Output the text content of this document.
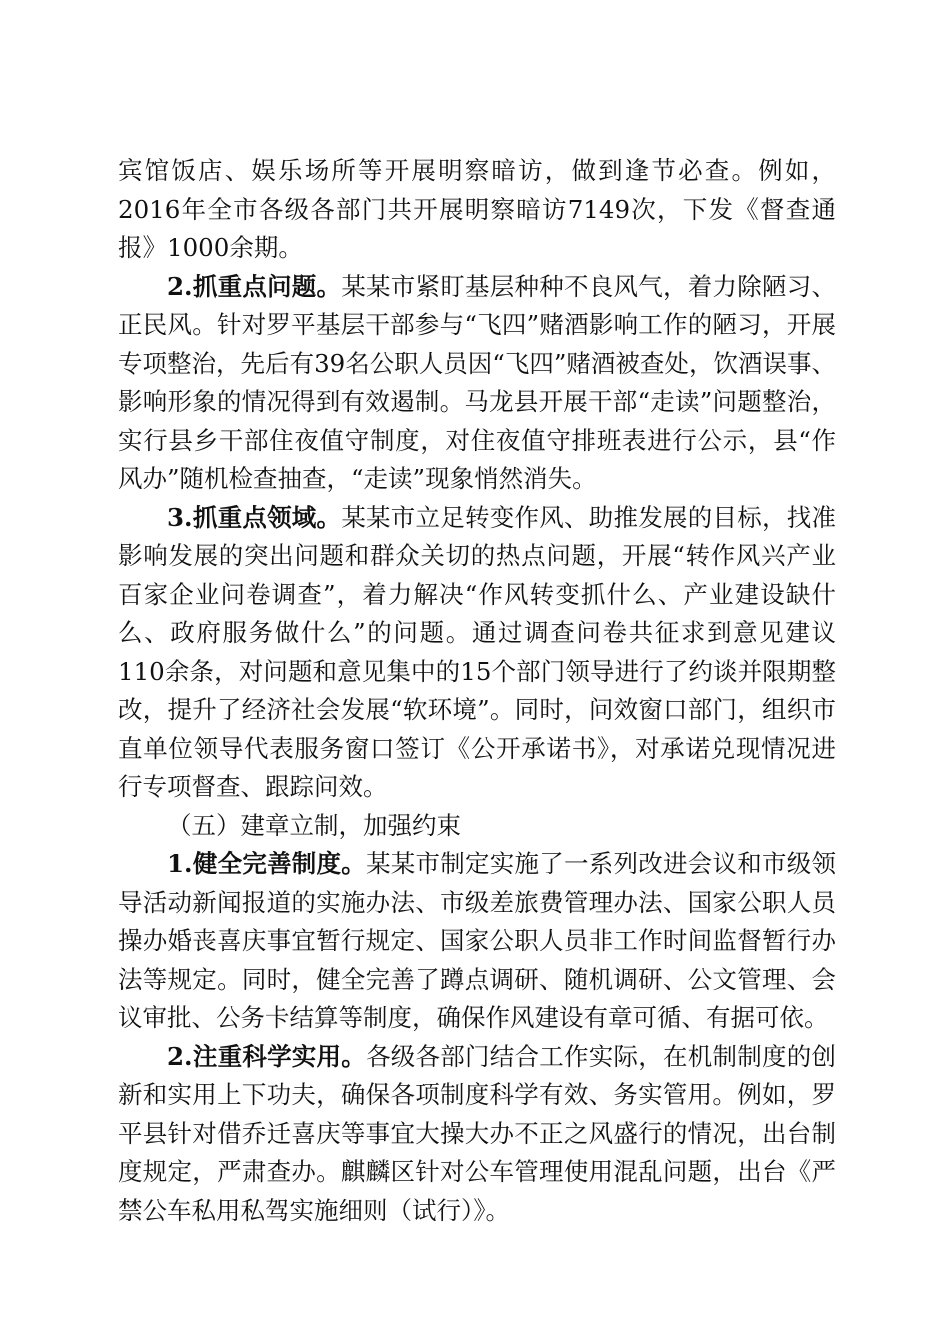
宾馆饭店、娱乐场所等开展明察暗访，做到逢节必查。例如，2016年全市各级各部门共开展明察暗访7149次，下发《督查通报》1000余期。

2.抓重点问题。某某市紧盯基层种种不良风气，着力除陋习、正民风。针对罗平基层干部参与“飞四”赌酒影响工作的陋习，开展专项整治，先后有39名公职人员因“飞四”赌酒被查处，饮酒误事、影响形象的情况得到有效遏制。马龙县开展干部“走读”问题整治，实行县乡干部住夜值守制度，对住夜值守排班表进行公示，县“作风办”随机检查抽查，“走读”现象悄然消失。

3.抓重点领域。某某市立足转变作风、助推发展的目标，找准影响发展的突出问题和群众关切的热点问题，开展“转作风兴产业百家企业问卷调查”，着力解决“作风转变抓什么、产业建设缺什么、政府服务做什么”的问题。通过调查问卷共征求到意见建议110余条，对问题和意见集中的15个部门领导进行了约谈并限期整改，提升了经济社会发展“软环境”。同时，问效窗口部门，组织市直单位领导代表服务窗口签订《公开承诺书》，对承诺兑现情况进行专项督查、跟踪问效。

（五）建章立制，加强约束

1.健全完善制度。某某市制定实施了一系列改进会议和市级领导活动新闻报道的实施办法、市级差旅费管理办法、国家公职人员操办婚丧喜庆事宜暂行规定、国家公职人员非工作时间监督暂行办法等规定。同时，健全完善了蹲点调研、随机调研、公文管理、会议审批、公务卡结算等制度，确保作风建设有章可循、有据可依。

2.注重科学实用。各级各部门结合工作实际，在机制制度的创新和实用上下功夫，确保各项制度科学有效、务实管用。例如，罗平县针对借乔迁喜庆等事宜大操大办不正之风盛行的情况，出台制度规定，严肃查办。麒麟区针对公车管理使用混乱问题，出台《严禁公车私用私驾实施细则（试行）》。
